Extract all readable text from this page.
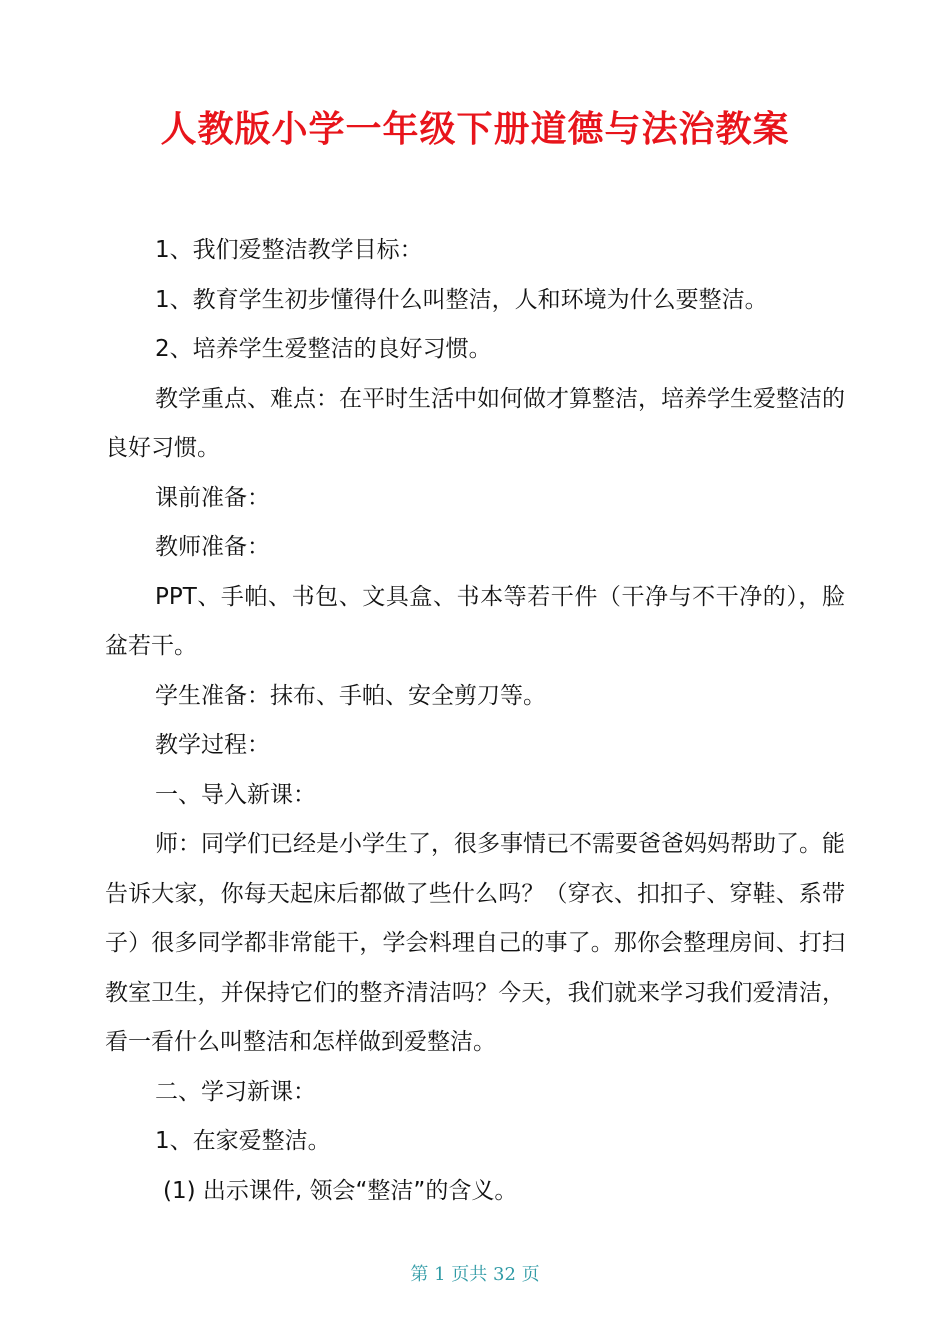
人教版小学一年级下册道德与法治教案

1、我们爱整洁教学目标：

1、教育学生初步懂得什么叫整洁，人和环境为什么要整洁。

2、培养学生爱整洁的良好习惯。

教学重点、难点：在平时生活中如何做才算整洁，培养学生爱整洁的良好习惯。

课前准备：

教师准备：

PPT、手帕、书包、文具盒、书本等若干件（干净与不干净的），脸盆若干。

学生准备：抹布、手帕、安全剪刀等。

教学过程：

一、导入新课：

师：同学们已经是小学生了，很多事情已不需要爸爸妈妈帮助了。能告诉大家，你每天起床后都做了些什么吗？（穿衣、扣扣子、穿鞋、系带子）很多同学都非常能干，学会料理自己的事了。那你会整理房间、打扫教室卫生，并保持它们的整齐清洁吗？今天，我们就来学习我们爱清洁，看一看什么叫整洁和怎样做到爱整洁。

二、学习新课：

1、在家爱整洁。

(1) 出示课件, 领会“整洁”的含义。

第 1 页共 32 页
